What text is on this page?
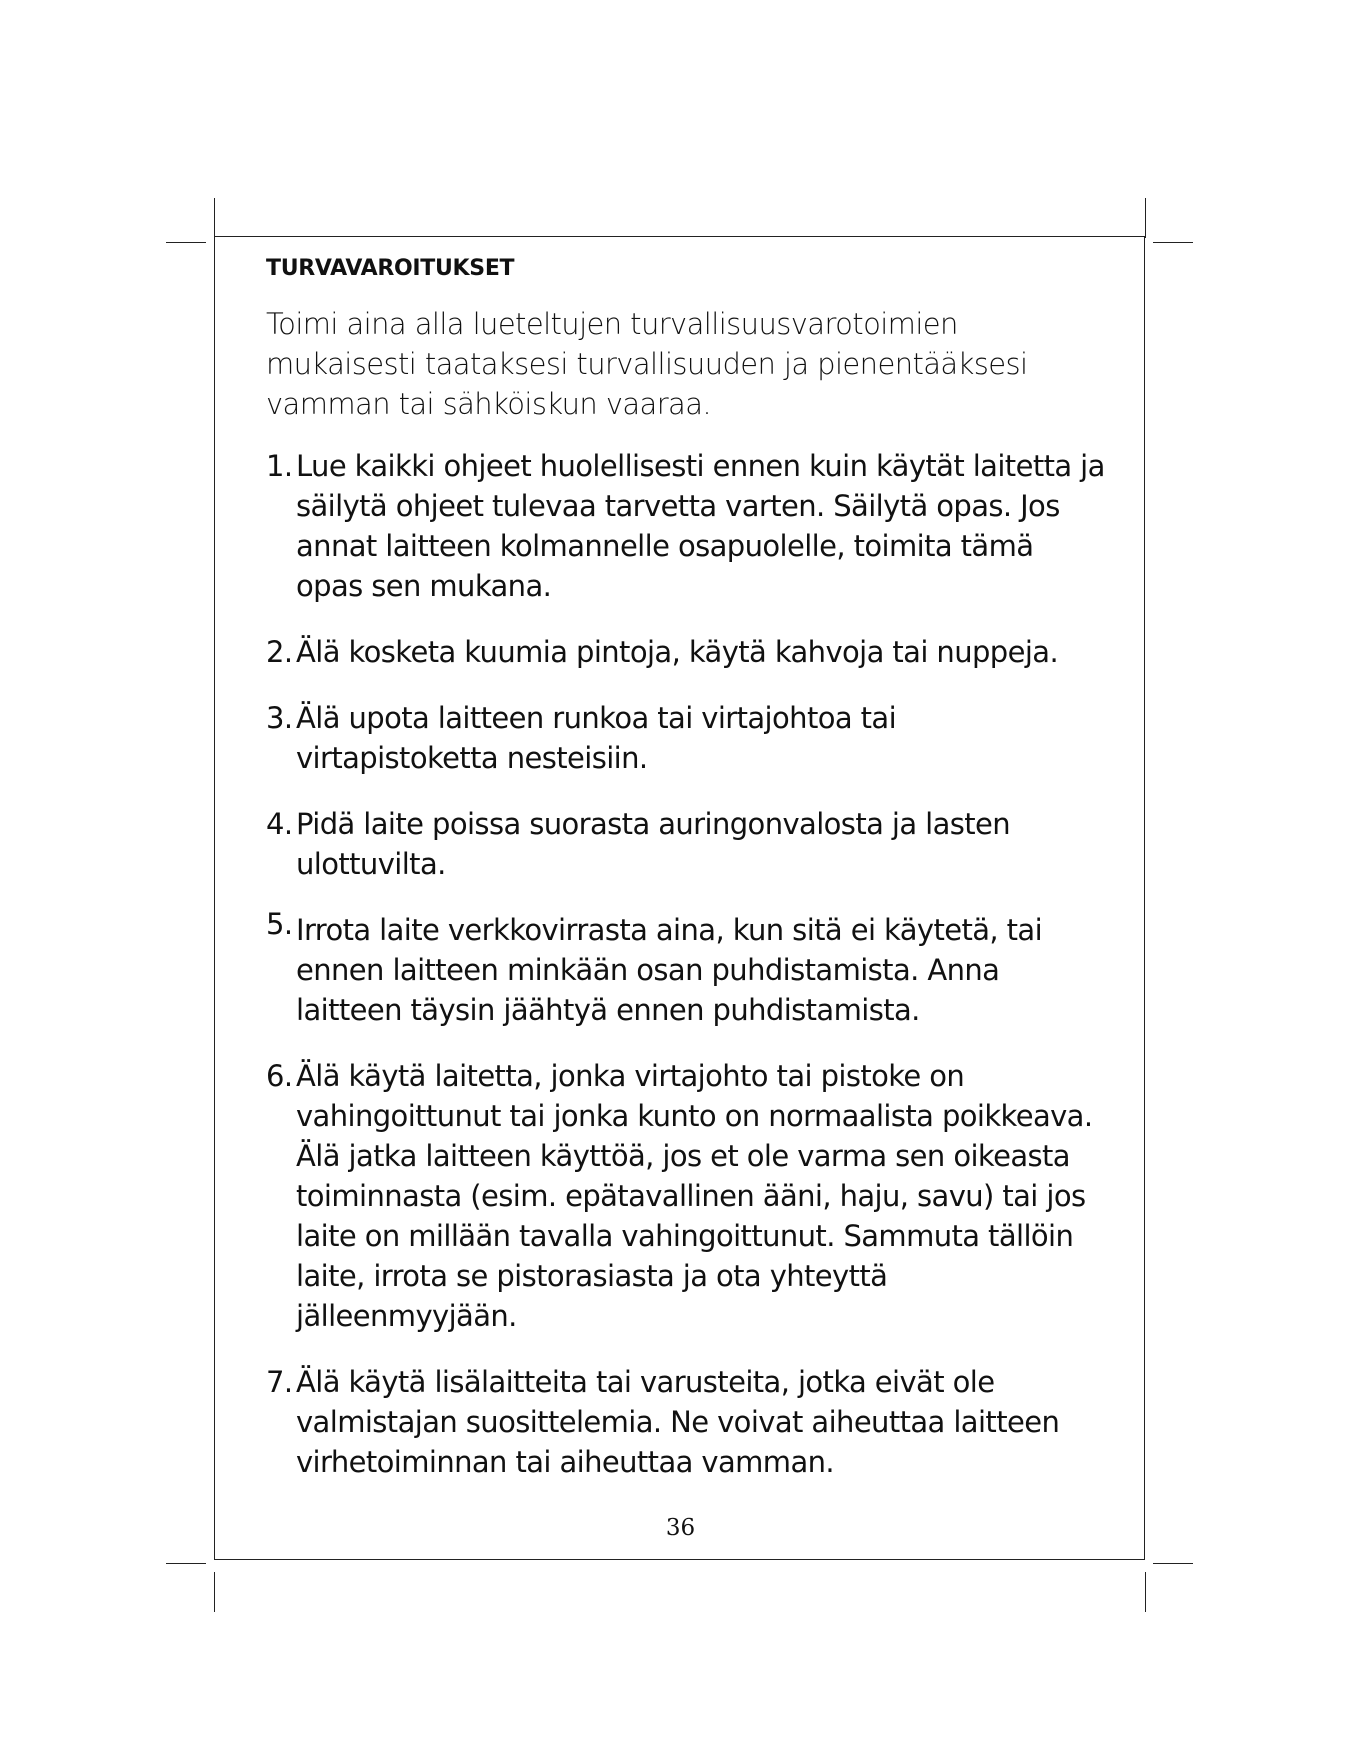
TURVAVAROITUKSET

Toimi aina alla lueteltujen turvallisuusvarotoimien mukaisesti taataksesi turvallisuuden ja pienentääksesi vamman tai sähköiskun vaaraa.

1. Lue kaikki ohjeet huolellisesti ennen kuin käytät laitetta ja säilytä ohjeet tulevaa tarvetta varten. Säilytä opas. Jos annat laitteen kolmannelle osapuolelle, toimita tämä opas sen mukana.
2. Älä kosketa kuumia pintoja, käytä kahvoja tai nuppeja.
3. Älä upota laitteen runkoa tai virtajohtoa tai virtapistoketta nesteisiin.
4. Pidä laite poissa suorasta auringonvalosta ja lasten ulottuvilta.
5. Irrota laite verkkovirrasta aina, kun sitä ei käytetä, tai ennen laitteen minkään osan puhdistamista. Anna laitteen täysin jäähtyä ennen puhdistamista.
6. Älä käytä laitetta, jonka virtajohto tai pistoke on vahingoittunut tai jonka kunto on normaalista poikkeava. Älä jatka laitteen käyttöä, jos et ole varma sen oikeasta toiminnasta (esim. epätavallinen ääni, haju, savu) tai jos laite on millään tavalla vahingoittunut. Sammuta tällöin laite, irrota se pistorasiasta ja ota yhteyttä jälleenmyyjään.
7. Älä käytä lisälaitteita tai varusteita, jotka eivät ole valmistajan suosittelemia. Ne voivat aiheuttaa laitteen virhetoiminnan tai aiheuttaa vamman.
36
